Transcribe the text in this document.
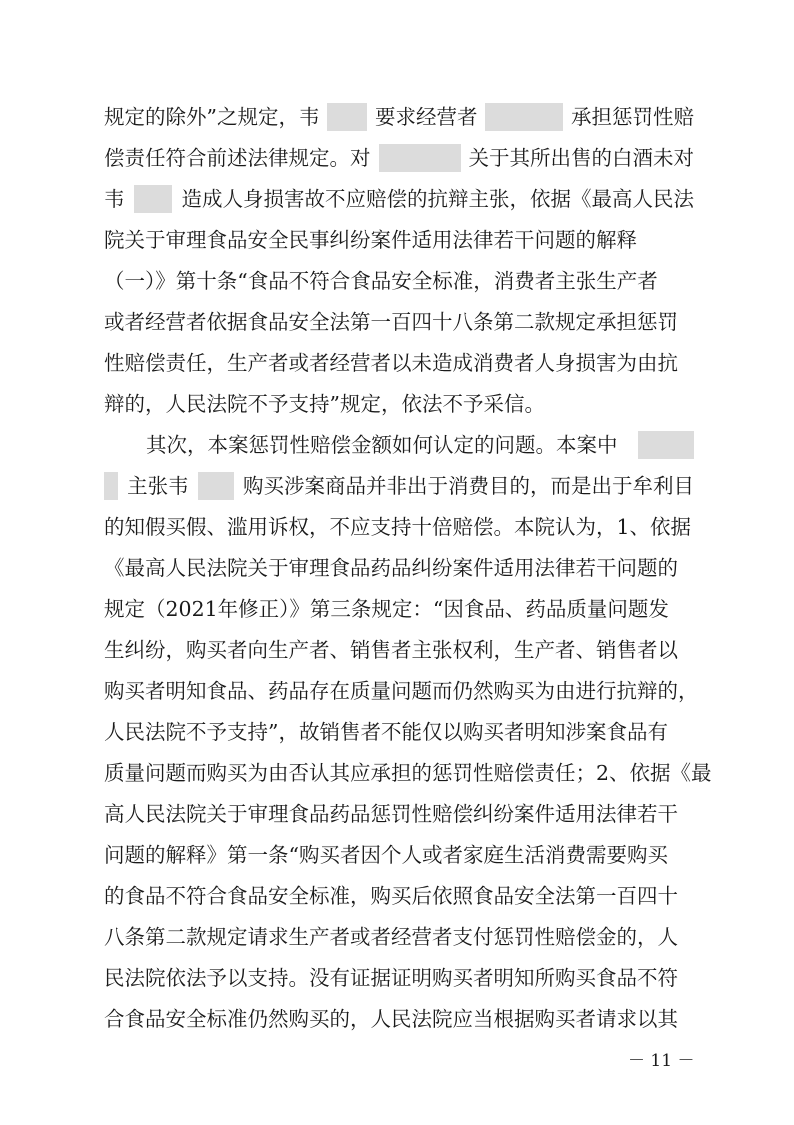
规定的除外”之规定，韦	要求经营者	承担惩罚性赔
偿责任符合前述法律规定。对	关于其所出售的白酒未对
韦	造成人身损害故不应赔偿的抗辩主张，依据《最高人民法
院关于审理食品安全民事纠纷案件适用法律若干问题的解释
（一）》第十条“食品不符合食品安全标准，消费者主张生产者
或者经营者依据食品安全法第一百四十八条第二款规定承担惩罚
性赔偿责任，生产者或者经营者以未造成消费者人身损害为由抗
辩的，人民法院不予支持”规定，依法不予采信。
其次，本案惩罚性赔偿金额如何认定的问题。本案中
主张韦	购买涉案商品并非出于消费目的，而是出于牟利目
的知假买假、滥用诉权，不应支持十倍赔偿。本院认为，1、依据
《最高人民法院关于审理食品药品纠纷案件适用法律若干问题的
规定（2021年修正）》第三条规定：“因食品、药品质量问题发
生纠纷，购买者向生产者、销售者主张权利，生产者、销售者以
购买者明知食品、药品存在质量问题而仍然购买为由进行抗辩的，
人民法院不予支持”，故销售者不能仅以购买者明知涉案食品有
质量问题而购买为由否认其应承担的惩罚性赔偿责任；2、依据《最
高人民法院关于审理食品药品惩罚性赔偿纠纷案件适用法律若干
问题的解释》第一条“购买者因个人或者家庭生活消费需要购买
的食品不符合食品安全标准，购买后依照食品安全法第一百四十
八条第二款规定请求生产者或者经营者支付惩罚性赔偿金的，人
民法院依法予以支持。没有证据证明购买者明知所购买食品不符
合食品安全标准仍然购买的，人民法院应当根据购买者请求以其
－ 11 －
